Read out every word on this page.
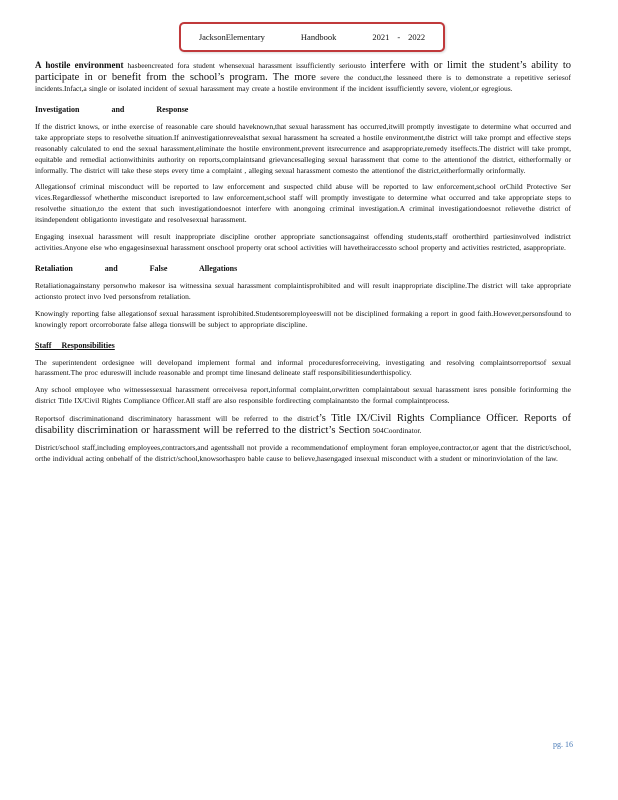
JacksonElementary	Handbook	2021 - 2022

A hostile environment hasbeencreated fora student whensexual harassment issufficiently seriousto interfere with or limit the student’s ability to participate in or benefit from the school’s program. The more severe the conduct,the lessneed there is to demonstrate a repetitive seriesof incidents.Infact,a single or isolated incident of sexual harassment may create a hostile environment if the incident issufficiently severe, violent,or egregious.

Investigation and Response

If the district knows, or inthe exercise of reasonable care should haveknown,that sexual harassment has occurred,itwill promptly investigate to determine what occurred and take appropriate steps to resolvethe situation.If aninvestigationrevealsthat sexual harassment ha screated a hostile environment,the district will take prompt and effective steps reasonably calculated to end the sexual harassment,eliminate the hostile environment,prevent itsrecurrence and asappropriate,remedy itseffects.The district will take prompt, equitable and remedial actionwithinits authority on reports,complaintsand grievancesalleging sexual harassment that come to the attentionof the district, eitherformally or informally. The district will take these steps every time a complaint , alleging sexual harassment comesto the attentionof the district,eitherformally orinformally.

Allegationsof criminal misconduct will be reported to law enforcement and suspected child abuse will be reported to law enforcement,school orChild Protective Ser vices.Regardlessof whetherthe misconduct isreported to law enforcement,school staff will promptly investigate to determine what occurred and take appropriate steps to resolvethe situation,to the extent that such investigationdoesnot interfere with anongoing criminal investigation.A criminal investigationdoesnot relievethe district of itsindependent obligationto investigate and resolvesexual harassment.

Engaging insexual harassment will result inappropriate discipline orother appropriate sanctionsagainst offending students,staff orotherthird partiesinvolved indistrict activities.Anyone else who engagesinsexual harassment onschool property orat school activities will havetheiraccessto school property and activities restricted, asappropriate.

Retaliation and False Allegations

Retaliationagainstany personwho makesor isa witnessina sexual harassment complaintisprohibited and will result inappropriate discipline.The district will take appropriate actionsto protect invo lved personsfrom retaliation.

Knowingly reporting false allegationsof sexual harassment isprohibited.Studentsoremployeeswill not be disciplined formaking a report in good faith.However,personsfound to knowingly report orcorroborate false allega tionswill be subject to appropriate discipline.

Staff Responsibilities

The superintendent ordesignee will developand implement formal and informal proceduresforreceiving, investigating and resolving complaintsorreportsof sexual harassment.The proc edureswill include reasonable and prompt time linesand delineate staff responsibilitiesunderthispolicy.

Any school employee who witnessessexual harassment orreceivesa report,informal complaint,orwritten complaintabout sexual harassment isres ponsible forinforming the district Title IX/Civil Rights Compliance Officer.All staff are also responsible fordirecting complainantsto the formal complaintprocess.

Reportsof discriminationand discriminatory harassment will be referred to the district’s Title IX/Civil Rights Compliance Officer. Reports of disability discrimination or harassment will be referred to the district’s Section 504Coordinator.

District/school staff,including employees,contractors,and agentsshall not provide a recommendationof employment foran employee,contractor,or agent that the district/school, orthe individual acting onbehalf of the district/school,knowsorhaspro bable cause to believe,hasengaged insexual misconduct with a student or minorinviolation of the law.

pg. 16
